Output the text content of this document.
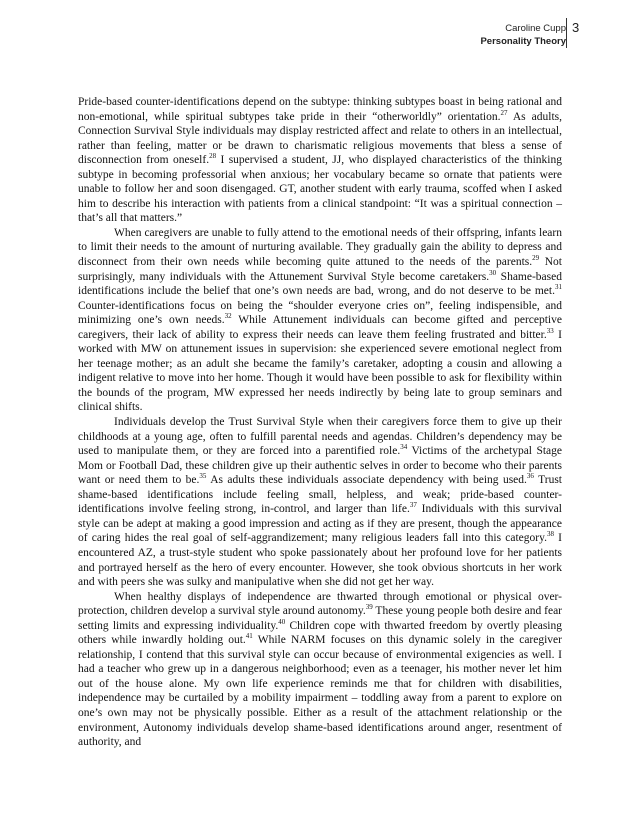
Caroline Cupp
Personality Theory
3

Pride-based counter-identifications depend on the subtype: thinking subtypes boast in being rational and non-emotional, while spiritual subtypes take pride in their “otherworldly” orientation.$^{27}$ As adults, Connection Survival Style individuals may display restricted affect and relate to others in an intellectual, rather than feeling, matter or be drawn to charismatic religious movements that bless a sense of disconnection from oneself.$^{28}$ I supervised a student, JJ, who displayed characteristics of the thinking subtype in becoming professorial when anxious; her vocabulary became so ornate that patients were unable to follow her and soon disengaged. GT, another student with early trauma, scoffed when I asked him to describe his interaction with patients from a clinical standpoint: “It was a spiritual connection – that’s all that matters.”

When caregivers are unable to fully attend to the emotional needs of their offspring, infants learn to limit their needs to the amount of nurturing available. They gradually gain the ability to depress and disconnect from their own needs while becoming quite attuned to the needs of the parents.$^{29}$ Not surprisingly, many individuals with the Attunement Survival Style become caretakers.$^{30}$ Shame-based identifications include the belief that one’s own needs are bad, wrong, and do not deserve to be met.$^{31}$ Counter-identifications focus on being the “shoulder everyone cries on”, feeling indispensible, and minimizing one’s own needs.$^{32}$ While Attunement individuals can become gifted and perceptive caregivers, their lack of ability to express their needs can leave them feeling frustrated and bitter.$^{33}$ I worked with MW on attunement issues in supervision: she experienced severe emotional neglect from her teenage mother; as an adult she became the family’s caretaker, adopting a cousin and allowing a indigent relative to move into her home. Though it would have been possible to ask for flexibility within the bounds of the program, MW expressed her needs indirectly by being late to group seminars and clinical shifts.

Individuals develop the Trust Survival Style when their caregivers force them to give up their childhoods at a young age, often to fulfill parental needs and agendas. Children’s dependency may be used to manipulate them, or they are forced into a parentified role.$^{34}$ Victims of the archetypal Stage Mom or Football Dad, these children give up their authentic selves in order to become who their parents want or need them to be.$^{35}$ As adults these individuals associate dependency with being used.$^{36}$ Trust shame-based identifications include feeling small, helpless, and weak; pride-based counter-identifications involve feeling strong, in-control, and larger than life.$^{37}$ Individuals with this survival style can be adept at making a good impression and acting as if they are present, though the appearance of caring hides the real goal of self-aggrandizement; many religious leaders fall into this category.$^{38}$ I encountered AZ, a trust-style student who spoke passionately about her profound love for her patients and portrayed herself as the hero of every encounter. However, she took obvious shortcuts in her work and with peers she was sulky and manipulative when she did not get her way.

When healthy displays of independence are thwarted through emotional or physical over-protection, children develop a survival style around autonomy.$^{39}$ These young people both desire and fear setting limits and expressing individuality.$^{40}$ Children cope with thwarted freedom by overtly pleasing others while inwardly holding out.$^{41}$ While NARM focuses on this dynamic solely in the caregiver relationship, I contend that this survival style can occur because of environmental exigencies as well. I had a teacher who grew up in a dangerous neighborhood; even as a teenager, his mother never let him out of the house alone. My own life experience reminds me that for children with disabilities, independence may be curtailed by a mobility impairment – toddling away from a parent to explore on one’s own may not be physically possible. Either as a result of the attachment relationship or the environment, Autonomy individuals develop shame-based identifications around anger, resentment of authority, and
